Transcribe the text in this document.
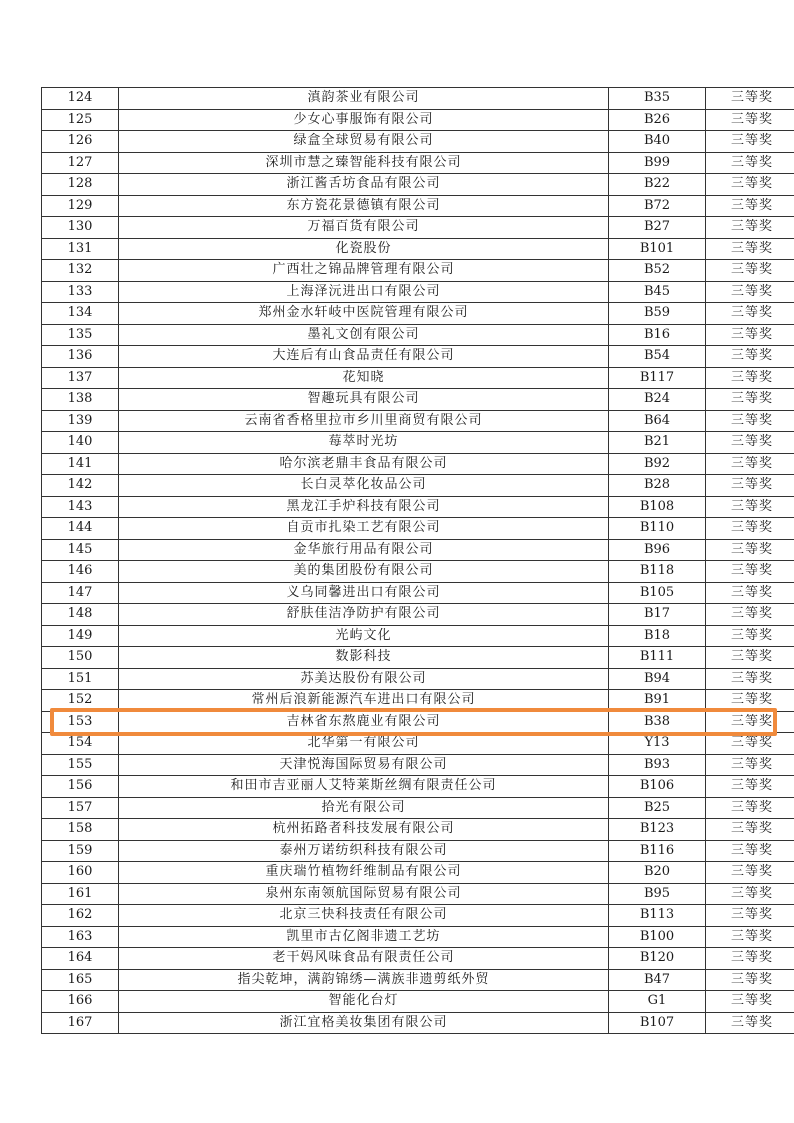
124	滇韵茶业有限公司	B35	三等奖
125	少女心事服饰有限公司	B26	三等奖
126	绿盒全球贸易有限公司	B40	三等奖
127	深圳市慧之臻智能科技有限公司	B99	三等奖
128	浙江酱舌坊食品有限公司	B22	三等奖
129	东方瓷花景德镇有限公司	B72	三等奖
130	万福百货有限公司	B27	三等奖
131	化瓷股份	B101	三等奖
132	广西壮之锦品牌管理有限公司	B52	三等奖
133	上海泽沅进出口有限公司	B45	三等奖
134	郑州金水轩岐中医院管理有限公司	B59	三等奖
135	墨礼文创有限公司	B16	三等奖
136	大连后有山食品责任有限公司	B54	三等奖
137	花知晓	B117	三等奖
138	智趣玩具有限公司	B24	三等奖
139	云南省香格里拉市乡川里商贸有限公司	B64	三等奖
140	莓萃时光坊	B21	三等奖
141	哈尔滨老鼎丰食品有限公司	B92	三等奖
142	长白灵萃化妆品公司	B28	三等奖
143	黑龙江手炉科技有限公司	B108	三等奖
144	自贡市扎染工艺有限公司	B110	三等奖
145	金华旅行用品有限公司	B96	三等奖
146	美的集团股份有限公司	B118	三等奖
147	义乌同馨进出口有限公司	B105	三等奖
148	舒肤佳洁净防护有限公司	B17	三等奖
149	光屿文化	B18	三等奖
150	数影科技	B111	三等奖
151	苏美达股份有限公司	B94	三等奖
152	常州后浪新能源汽车进出口有限公司	B91	三等奖
153	吉林省东熬鹿业有限公司	B38	三等奖
154	北华第一有限公司	Y13	三等奖
155	天津悦海国际贸易有限公司	B93	三等奖
156	和田市吉亚丽人艾特莱斯丝绸有限责任公司	B106	三等奖
157	拾光有限公司	B25	三等奖
158	杭州拓路者科技发展有限公司	B123	三等奖
159	泰州万诺纺织科技有限公司	B116	三等奖
160	重庆瑞竹植物纤维制品有限公司	B20	三等奖
161	泉州东南领航国际贸易有限公司	B95	三等奖
162	北京三快科技责任有限公司	B113	三等奖
163	凯里市古亿阁非遗工艺坊	B100	三等奖
164	老干妈风味食品有限责任公司	B120	三等奖
165	指尖乾坤，满韵锦绣—满族非遗剪纸外贸	B47	三等奖
166	智能化台灯	G1	三等奖
167	浙江宜格美妆集团有限公司	B107	三等奖
